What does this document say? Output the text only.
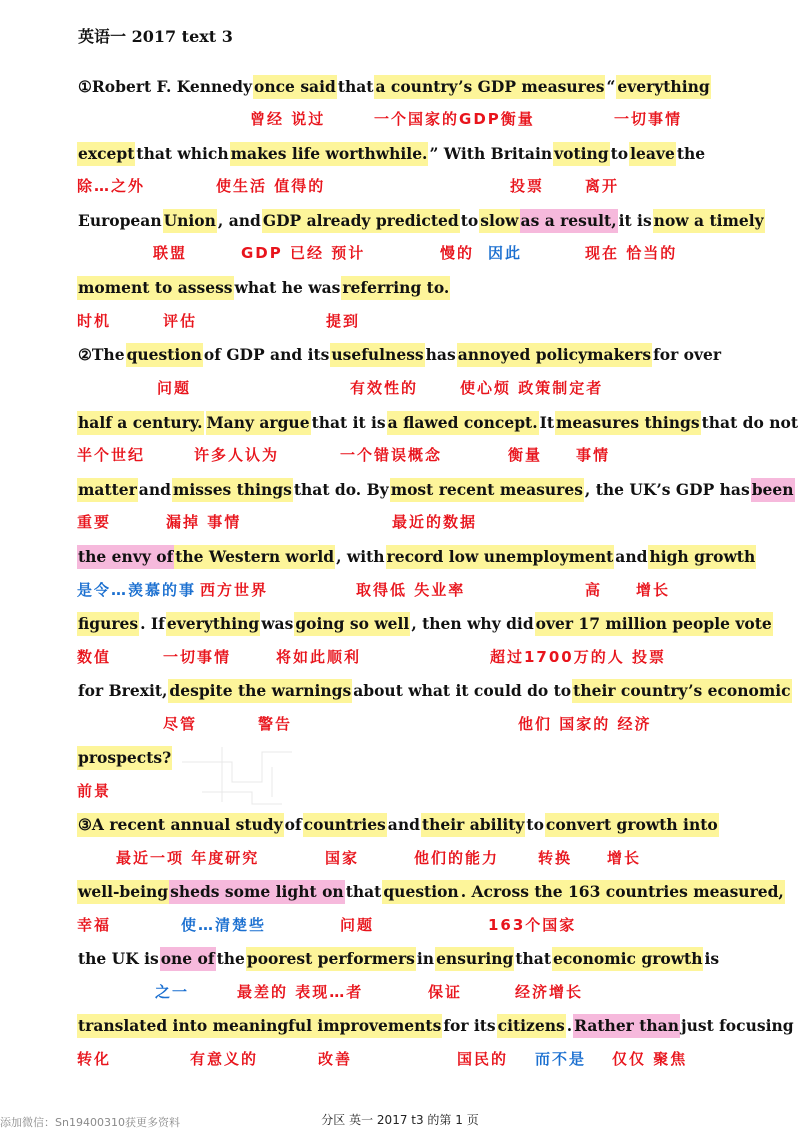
英语一 2017 text 3
①Robert F. Kennedyonce saidthata country’s GDP measures“ everything
exceptthat whichmakes life worthwhile. ” With Britainvotingtoleavethe
EuropeanUnion , andGDP already predictedtoslow as a result,it isnow a timely
moment to assesswhat he wasreferring to.
②Thequestionof GDP and itsusefulnesshasannoyed policymakersfor over
half a century. Many arguethat it isa flawed concept.Itmeasures thingsthat do not
matterandmisses thingsthat do. Bymost recent measures , the UK’s GDP hasbeen
the envy ofthe Western world , withrecord low unemploymentandhigh growth
figures . Ifeverythingwasgoing so well , then why didover 17 million people vote
for Brexit,despite the warningsabout what it could do totheir country’s economic
prospects?
③A recent annual studyofcountriesandtheir abilitytoconvert growth into
well-being sheds some light onthatquestion . Across the 163 countries measured,
the UK isone ofthepoorest performersinensuringthateconomic growthis
translated into meaningful improvementsfor itscitizens .Rather thanjust focusing
曾经 说过	一个国家的GDP衡量	一切事情
除…之外	使生活 值得的	投票	离开
联盟	GDP 已经 预计	慢的 因此	现在 恰当的
时机	评估	提到
问题	有效性的	使心烦 政策制定者
半个世纪	许多人认为	一个错误概念	衡量 事情
重要	漏掉 事情	最近的数据
是令…羡慕的事 西方世界	取得低 失业率	高 增长
数值	一切事情	将如此顺利	超过1700万的人 投票
尽管	警告	他们 国家的 经济
前景
最近一项 年度研究	国家	他们的能力	转换 增长
幸福	使…清楚些	问题	163个国家
之一	最差的 表现…者	保证	经济增长
转化	有意义的	改善	国民的 而不是 仅仅 聚焦
添加微信：Sn19400310获更多资料	分区 英一 2017 t3 的第 1 页
